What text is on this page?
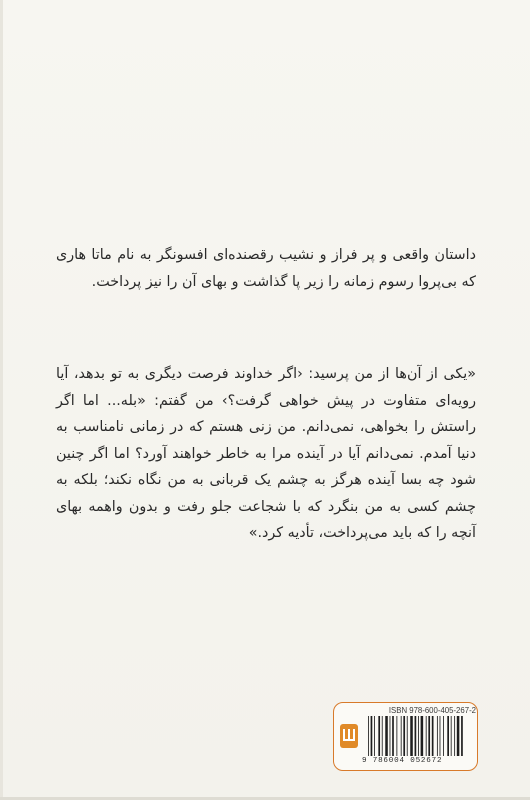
داستان واقعی و پر فراز و نشیب رقصنده‌ای افسونگر به نام ماتا هاری که بی‌پروا رسوم زمانه را زیر پا گذاشت و بهای آن را نیز پرداخت.

«یکی از آن‌ها از من پرسید: ‹اگر خداوند فرصت دیگری به تو بدهد، آیا رویه‌ای متفاوت در پیش خواهی گرفت؟› من گفتم: «بله... اما اگر راستش را بخواهی، نمی‌دانم. من زنی هستم که در زمانی نامناسب به دنیا آمدم. نمی‌دانم آیا در آینده مرا به خاطر خواهند آورد؟ اما اگر چنین شود چه بسا آینده هرگز به چشم یک قربانی به من نگاه نکند؛ بلکه به چشم کسی به من بنگرد که با شجاعت جلو رفت و بدون واهمه بهای آنچه را که باید می‌پرداخت، تأدیه کرد.»

ISBN 978-600-405-267-2
9 786004 052672
